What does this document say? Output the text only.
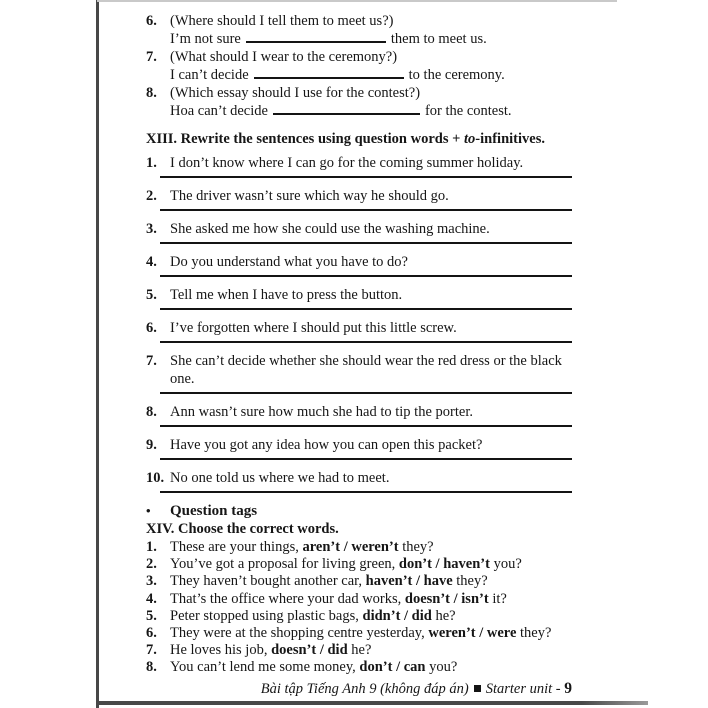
6. (Where should I tell them to meet us?)
I’m not sure	them to meet us.
7. (What should I wear to the ceremony?)
I can’t decide	to the ceremony.
8. (Which essay should I use for the contest?)
Hoa can’t decide	for the contest.
XIII. Rewrite the sentences using question words + to-infinitives.
1. I don’t know where I can go for the coming summer holiday.
2. The driver wasn’t sure which way he should go.
3. She asked me how she could use the washing machine.
4. Do you understand what you have to do?
5. Tell me when I have to press the button.
6. I’ve forgotten where I should put this little screw.
7. She can’t decide whether she should wear the red dress or the black one.
8. Ann wasn’t sure how much she had to tip the porter.
9. Have you got any idea how you can open this packet?
10. No one told us where we had to meet.
•	Question tags
XIV. Choose the correct words.
1. These are your things, aren’t / weren’t they?
2. You’ve got a proposal for living green, don’t / haven’t you?
3. They haven’t bought another car, haven’t / have they?
4. That’s the office where your dad works, doesn’t / isn’t it?
5. Peter stopped using plastic bags, didn’t / did he?
6. They were at the shopping centre yesterday, weren’t / were they?
7. He loves his job, doesn’t / did he?
8. You can’t lend me some money, don’t / can you?
Bài tập Tiếng Anh 9 (không đáp án) Starter unit - 9
